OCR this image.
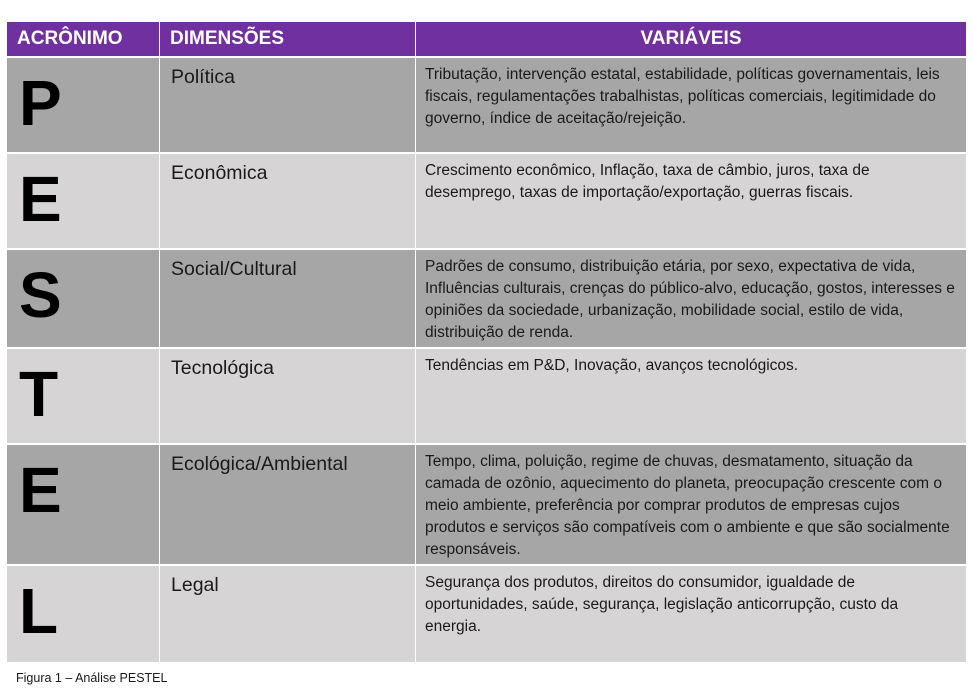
ACRÔNIMO	DIMENSÕES	VARIÁVEIS
P	Política	Tributação, intervenção estatal, estabilidade, políticas governamentais, leis fiscais, regulamentações trabalhistas, políticas comerciais, legitimidade do governo, índice de aceitação/rejeição.
E	Econômica	Crescimento econômico, Inflação, taxa de câmbio, juros, taxa de desemprego, taxas de importação/exportação, guerras fiscais.
S	Social/Cultural	Padrões de consumo, distribuição etária, por sexo, expectativa de vida, Influências culturais, crenças do público-alvo, educação, gostos, interesses e opiniões da sociedade, urbanização, mobilidade social, estilo de vida, distribuição de renda.
T	Tecnológica	Tendências em P&D, Inovação, avanços tecnológicos.
E	Ecológica/Ambiental	Tempo, clima, poluição, regime de chuvas, desmatamento, situação da camada de ozônio, aquecimento do planeta, preocupação crescente com o meio ambiente, preferência por comprar produtos de empresas cujos produtos e serviços são compatíveis com o ambiente e que são socialmente responsáveis.
L	Legal	Segurança dos produtos, direitos do consumidor, igualdade de oportunidades, saúde, segurança, legislação anticorrupção, custo da energia.
Figura 1 – Análise PESTEL
